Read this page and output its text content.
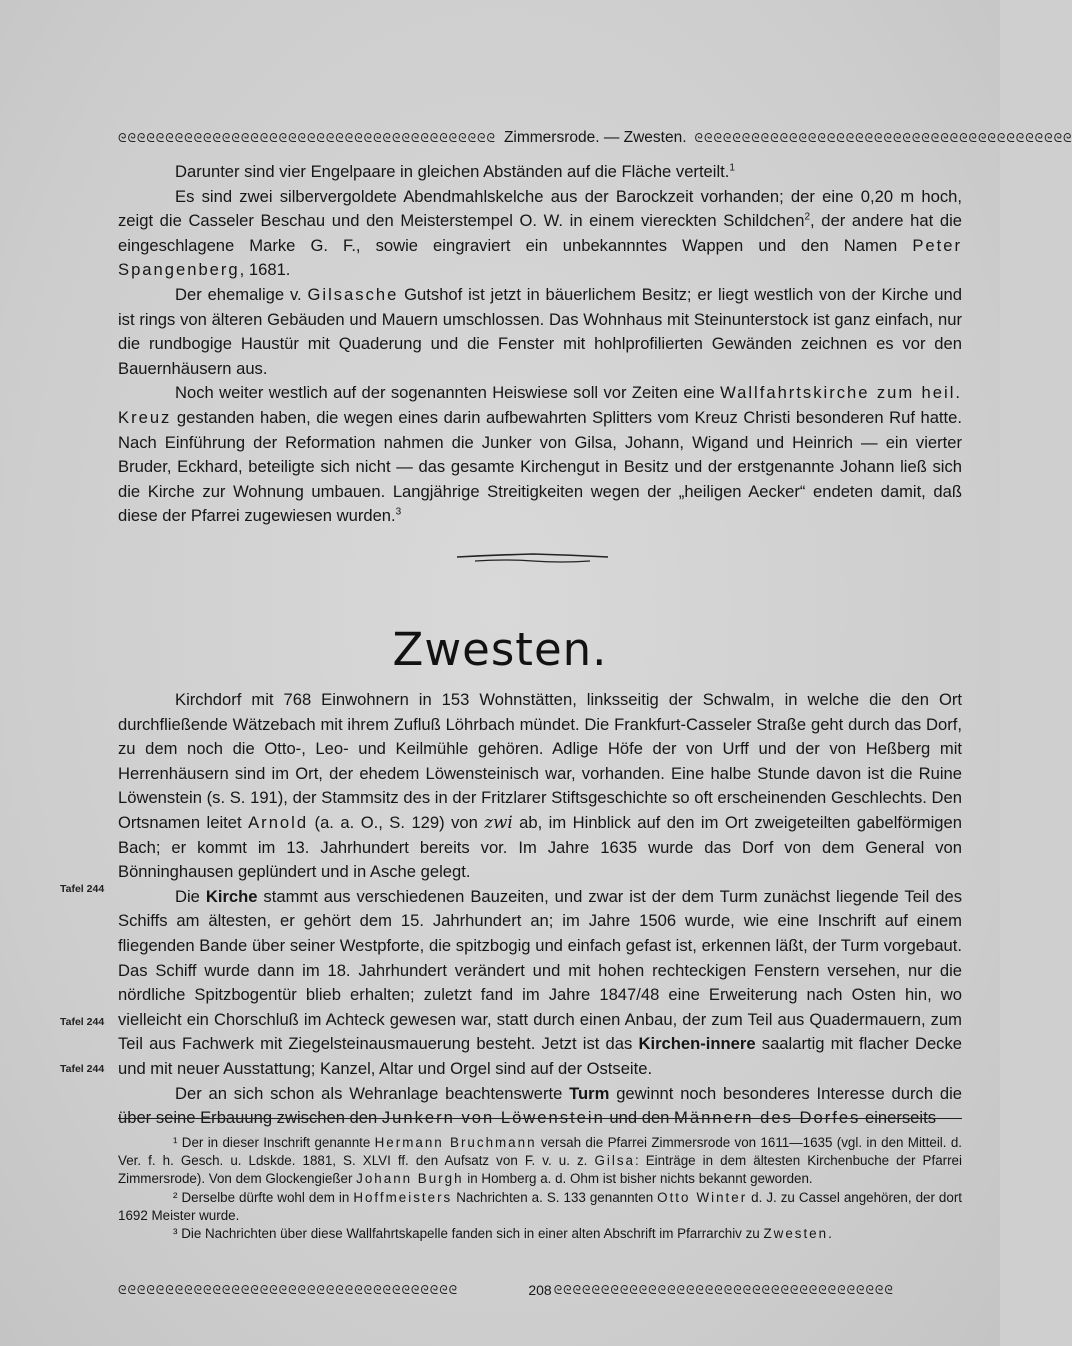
ᘓᘓᘓᘓᘓᘓᘓᘓᘓᘓᘓᘓᘓᘓᘓᘓᘓᘓᘓᘓᘓᘓᘓᘓᘓᘓᘓᘓᘓᘓᘓᘓᘓᘓᘓᘓᘓᘓᘓᘓ Zimmersrode. — Zwesten. ᘓᘓᘓᘓᘓᘓᘓᘓᘓᘓᘓᘓᘓᘓᘓᘓᘓᘓᘓᘓᘓᘓᘓᘓᘓᘓᘓᘓᘓᘓᘓᘓᘓᘓᘓᘓᘓᘓᘓᘓ

Darunter sind vier Engelpaare in gleichen Abständen auf die Fläche verteilt.$^1$

Es sind zwei silbervergoldete Abendmahlskelche aus der Barockzeit vorhanden; der eine 0,20 m hoch, zeigt die Casseler Beschau und den Meisterstempel O. W. in einem viereckten Schildchen$^2$, der andere hat die eingeschlagene Marke G. F., sowie eingraviert ein unbekannntes Wappen und den Namen Peter Spangenberg, 1681.

Der ehemalige v. Gilsasche Gutshof ist jetzt in bäuerlichem Besitz; er liegt westlich von der Kirche und ist rings von älteren Gebäuden und Mauern umschlossen. Das Wohnhaus mit Steinunterstock ist ganz einfach, nur die rundbogige Haustür mit Quaderung und die Fenster mit hohlprofilierten Gewänden zeichnen es vor den Bauernhäusern aus.

Noch weiter westlich auf der sogenannten Heiswiese soll vor Zeiten eine Wallfahrtskirche zum heil. Kreuz gestanden haben, die wegen eines darin aufbewahrten Splitters vom Kreuz Christi besonderen Ruf hatte. Nach Einführung der Reformation nahmen die Junker von Gilsa, Johann, Wigand und Heinrich — ein vierter Bruder, Eckhard, beteiligte sich nicht — das gesamte Kirchengut in Besitz und der erstgenannte Johann ließ sich die Kirche zur Wohnung umbauen. Langjährige Streitigkeiten wegen der „heiligen Aecker“ endeten damit, daß diese der Pfarrei zugewiesen wurden.$^3$

Zwesten.

Kirchdorf mit 768 Einwohnern in 153 Wohnstätten, linksseitig der Schwalm, in welche die den Ort durchfließende Wätzebach mit ihrem Zufluß Löhrbach mündet. Die Frankfurt-Casseler Straße geht durch das Dorf, zu dem noch die Otto-, Leo- und Keilmühle gehören. Adlige Höfe der von Urff und der von Heßberg mit Herrenhäusern sind im Ort, der ehedem Löwensteinisch war, vorhanden. Eine halbe Stunde davon ist die Ruine Löwenstein (s. S. 191), der Stammsitz des in der Fritzlarer Stiftsgeschichte so oft erscheinenden Geschlechts. Den Ortsnamen leitet Arnold (a. a. O., S. 129) von zwi ab, im Hinblick auf den im Ort zweigeteilten gabelförmigen Bach; er kommt im 13. Jahrhundert bereits vor. Im Jahre 1635 wurde das Dorf von dem General von Bönninghausen geplündert und in Asche gelegt.

Die Kirche stammt aus verschiedenen Bauzeiten, und zwar ist der dem Turm zunächst liegende Teil des Schiffs am ältesten, er gehört dem 15. Jahrhundert an; im Jahre 1506 wurde, wie eine Inschrift auf einem fliegenden Bande über seiner Westpforte, die spitzbogig und einfach gefast ist, erkennen läßt, der Turm vorgebaut. Das Schiff wurde dann im 18. Jahrhundert verändert und mit hohen rechteckigen Fenstern versehen, nur die nördliche Spitzbogentür blieb erhalten; zuletzt fand im Jahre 1847/48 eine Erweiterung nach Osten hin, wo vielleicht ein Chorschluß im Achteck gewesen war, statt durch einen Anbau, der zum Teil aus Quadermauern, zum Teil aus Fachwerk mit Ziegelsteinausmauerung besteht. Jetzt ist das Kirchen-innere saalartig mit flacher Decke und mit neuer Ausstattung; Kanzel, Altar und Orgel sind auf der Ostseite.

Der an sich schon als Wehranlage beachtenswerte Turm gewinnt noch besonderes Interesse durch die über seine Erbauung zwischen den Junkern von Löwenstein und den Männern des Dorfes einerseits

Tafel 244
Tafel 244
Tafel 244

¹ Der in dieser Inschrift genannte Hermann Bruchmann versah die Pfarrei Zimmersrode von 1611—1635 (vgl. in den Mitteil. d. Ver. f. h. Gesch. u. Ldskde. 1881, S. XLVI ff. den Aufsatz von F. v. u. z. Gilsa: Einträge in dem ältesten Kirchenbuche der Pfarrei Zimmersrode). Von dem Glockengießer Johann Burgh in Homberg a. d. Ohm ist bisher nichts bekannt geworden.

² Derselbe dürfte wohl dem in Hoffmeisters Nachrichten a. S. 133 genannten Otto Winter d. J. zu Cassel angehören, der dort 1692 Meister wurde.

³ Die Nachrichten über diese Wallfahrtskapelle fanden sich in einer alten Abschrift im Pfarrarchiv zu Zwesten.

ᘓᘓᘓᘓᘓᘓᘓᘓᘓᘓᘓᘓᘓᘓᘓᘓᘓᘓᘓᘓᘓᘓᘓᘓᘓᘓᘓᘓᘓᘓᘓᘓᘓᘓᘓᘓ	208 ᘓᘓᘓᘓᘓᘓᘓᘓᘓᘓᘓᘓᘓᘓᘓᘓᘓᘓᘓᘓᘓᘓᘓᘓᘓᘓᘓᘓᘓᘓᘓᘓᘓᘓᘓᘓ
